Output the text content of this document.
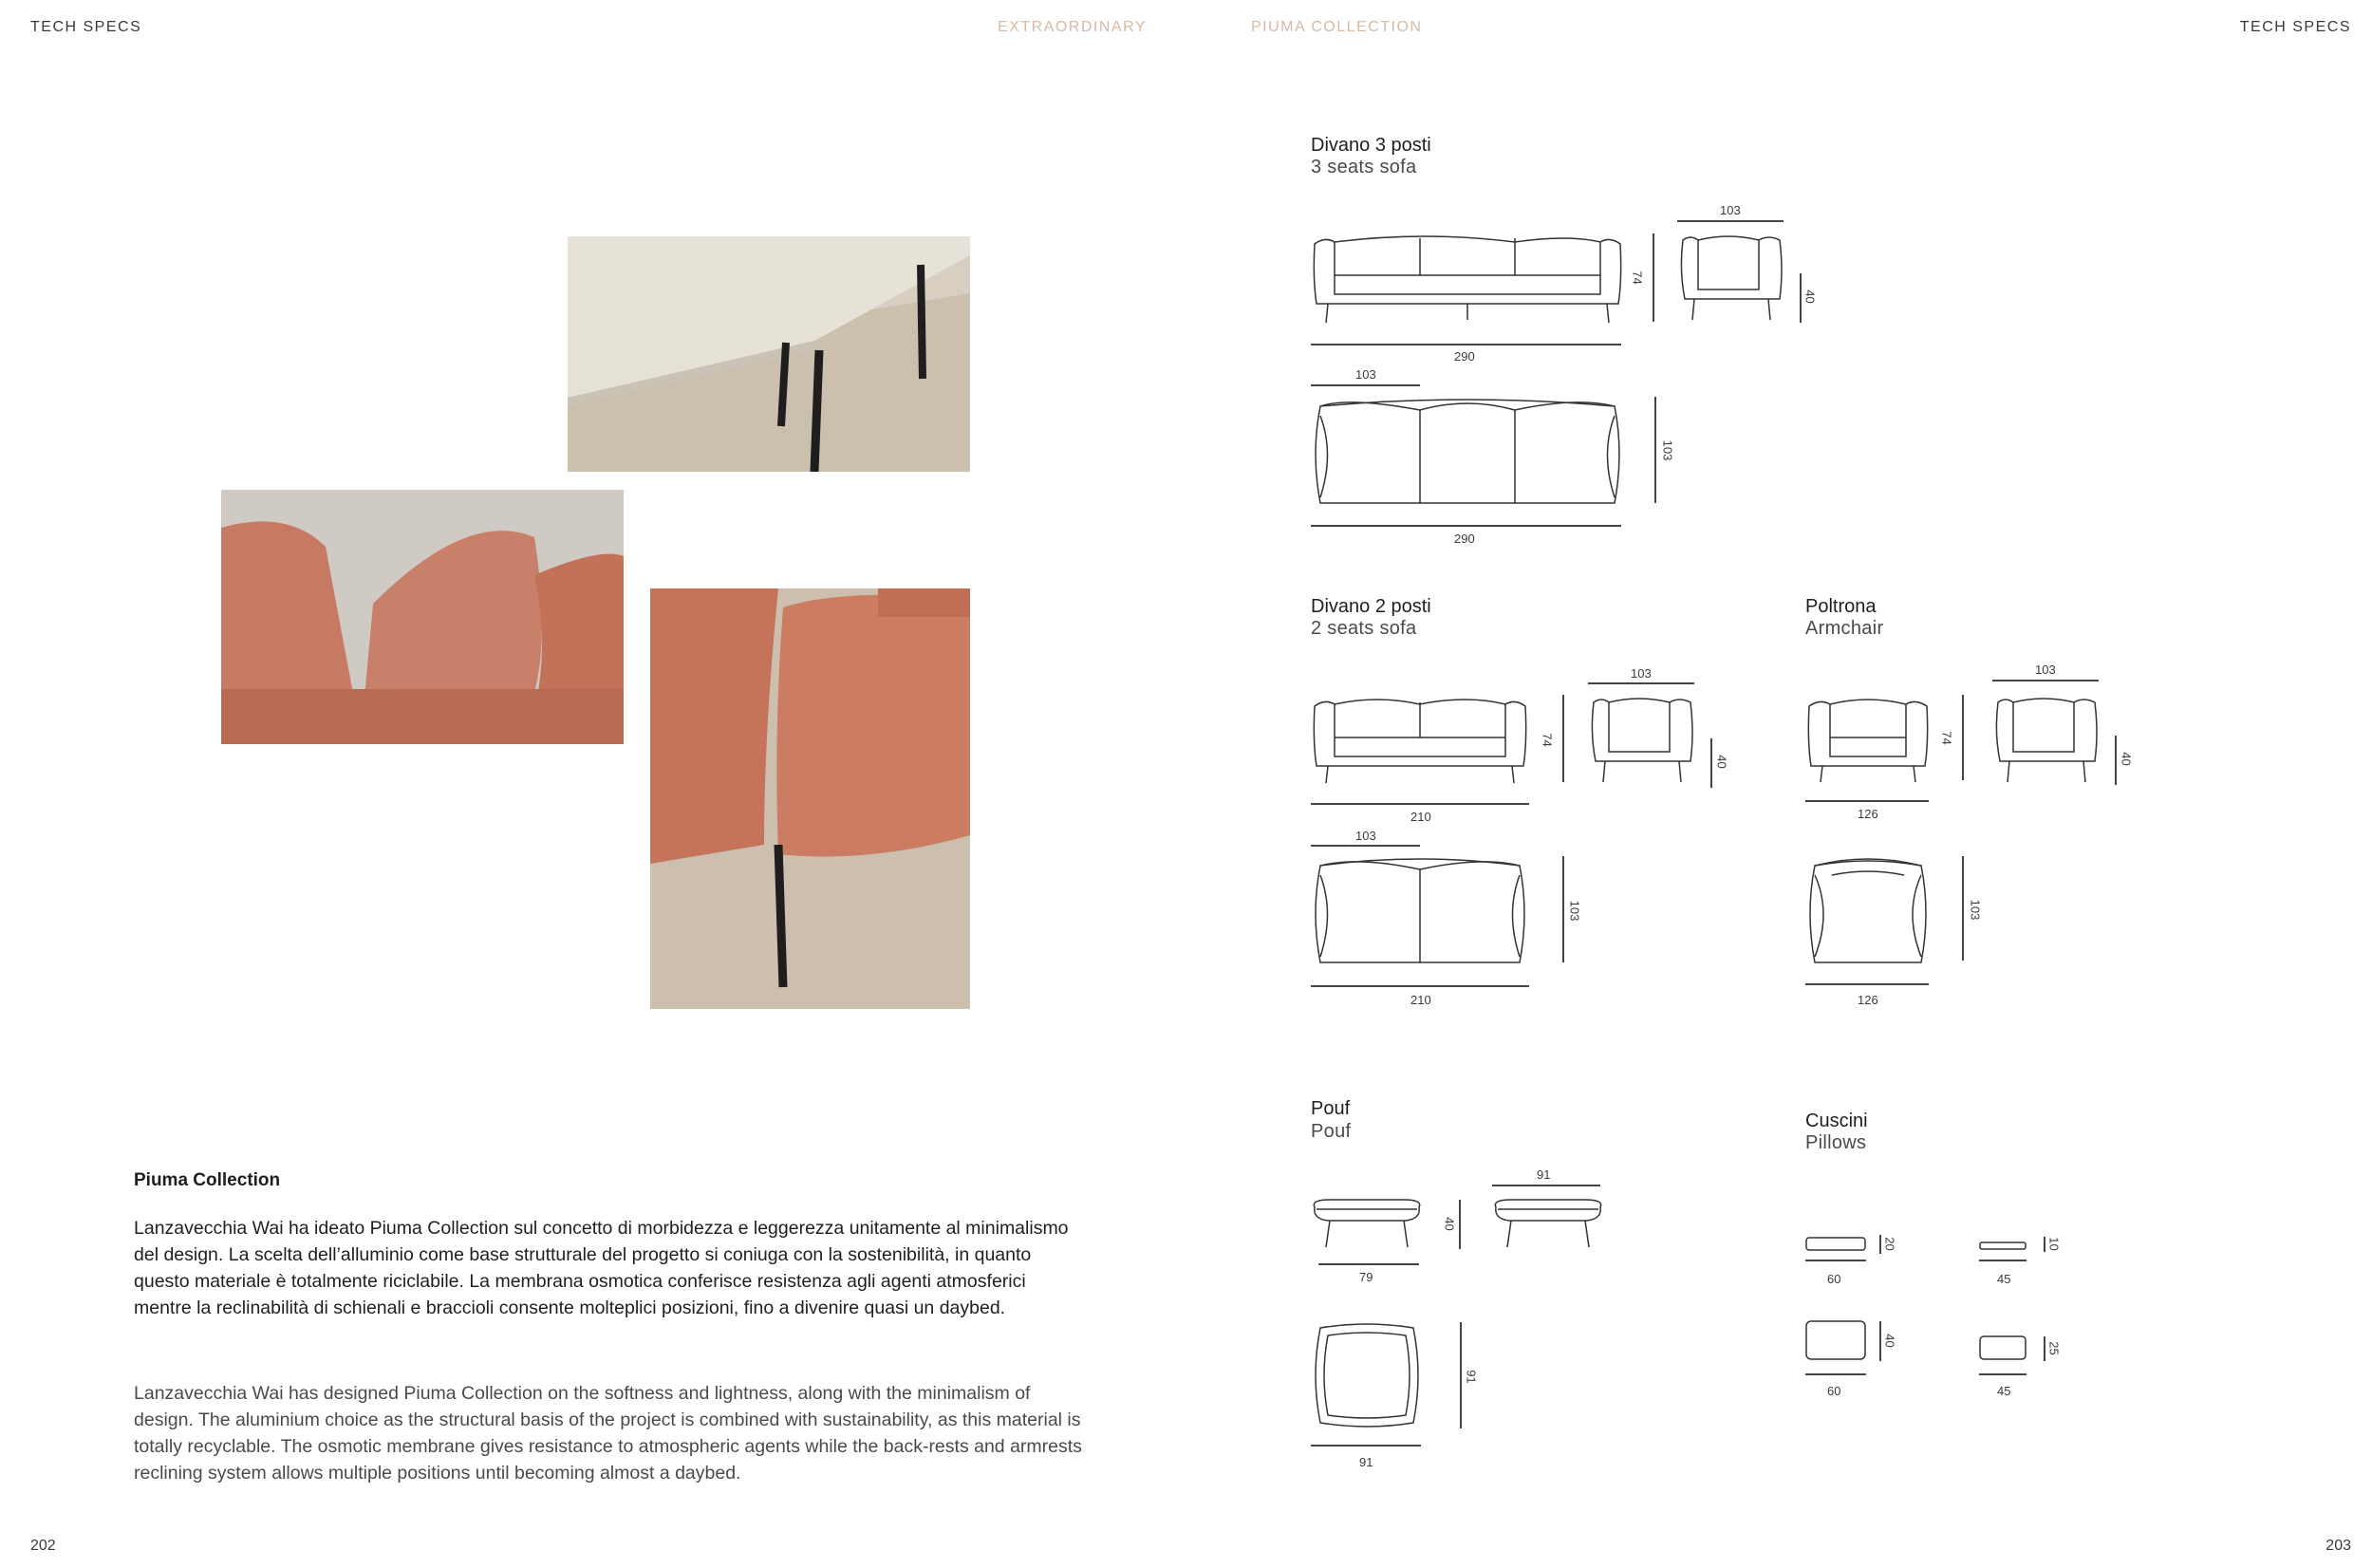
TECH SPECS	EXTRAORDINARY	PIUMA COLLECTION	TECH SPECS
Piuma Collection
Lanzavecchia Wai ha ideato Piuma Collection sul concetto di morbidezza e leggerezza unitamente al minimalismo del design. La scelta dell’alluminio come base strutturale del progetto si coniuga con la sostenibilità, in quanto questo materiale è totalmente riciclabile. La membrana osmotica conferisce resistenza agli agenti atmosferici mentre la reclinabilità di schienali e braccioli consente molteplici posizioni, fino a divenire quasi un daybed.
Lanzavecchia Wai has designed Piuma Collection on the softness and lightness, along with the minimalism of design. The aluminium choice as the structural basis of the project is combined with sustainability, as this material is totally recyclable. The osmotic membrane gives resistance to atmospheric agents while the back-rests and armrests reclining system allows multiple positions until becoming almost a daybed.
202	203
Divano 3 posti
3 seats sofa
290
74
103
40
103
290
103
Divano 2 posti
2 seats sofa
210
74
103
40
103
210
103
Poltrona
Armchair
126
74
103
40
126
103
Pouf
Pouf
79
40
91
91
91
Cuscini
Pillows
60
20
45
10
60
40
45
25
